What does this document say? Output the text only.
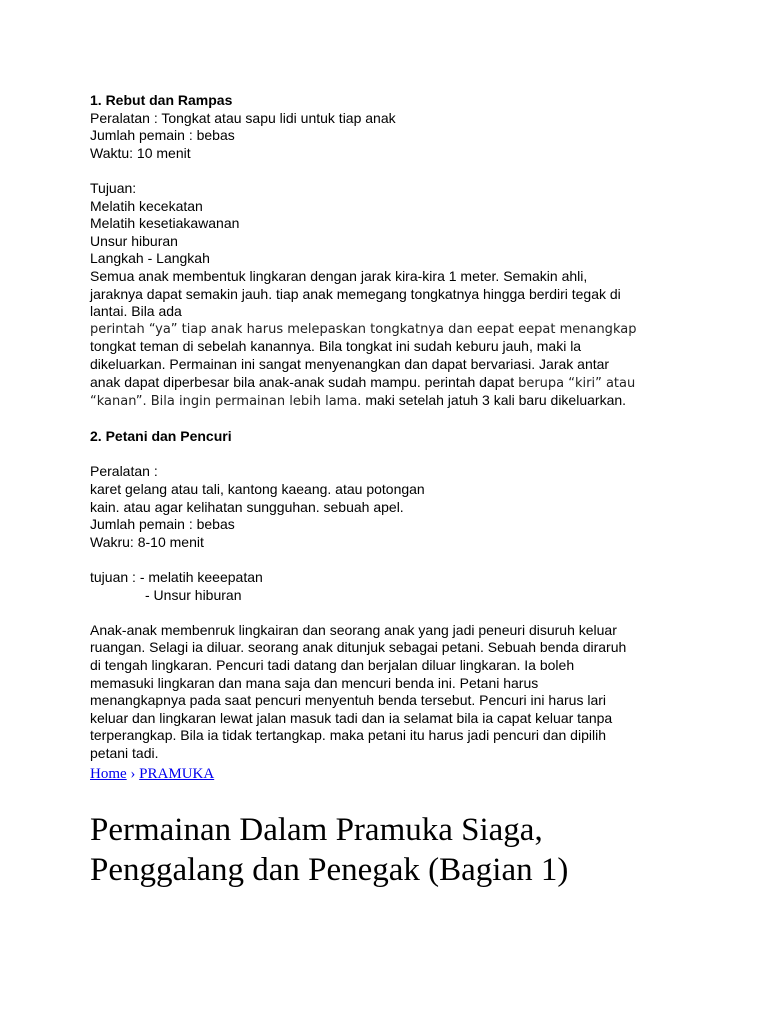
1. Rebut dan Rampas
Peralatan : Tongkat atau sapu lidi untuk tiap anak
Jumlah pemain : bebas
Waktu: 10 menit
Tujuan:
Melatih kecekatan
Melatih kesetiakawanan
Unsur hiburan
Langkah - Langkah
Semua anak membentuk lingkaran dengan jarak kira-kira 1 meter. Semakin ahli,
jaraknya dapat semakin jauh. tiap anak memegang tongkatnya hingga berdiri tegak di
lantai. Bila ada
perintah “ya” tiap anak harus melepaskan tongkatnya dan eepat eepat menangkap
tongkat teman di sebelah kanannya. Bila tongkat ini sudah keburu jauh, maki la
dikeluarkan. Permainan ini sangat menyenangkan dan dapat bervariasi. Jarak antar
anak dapat diperbesar bila anak-anak sudah mampu. perintah dapat berupa “kiri” atau
“kanan”. Bila ingin permainan lebih lama. maki setelah jatuh 3 kali baru dikeluarkan.
2. Petani dan Pencuri
Peralatan :
karet gelang atau tali, kantong kaeang. atau potongan
kain. atau agar kelihatan sungguhan. sebuah apel.
Jumlah pemain : bebas
Wakru: 8-10 menit
tujuan : - melatih keeepatan
- Unsur hiburan
Anak-anak membenruk lingkairan dan seorang anak yang jadi peneuri disuruh keluar
ruangan. Selagi ia diluar. seorang anak ditunjuk sebagai petani. Sebuah benda diraruh
di tengah lingkaran. Pencuri tadi datang dan berjalan diluar lingkaran. Ia boleh
memasuki lingkaran dan mana saja dan mencuri benda ini. Petani harus
menangkapnya pada saat pencuri menyentuh benda tersebut. Pencuri ini harus lari
keluar dan lingkaran lewat jalan masuk tadi dan ia selamat bila ia capat keluar tanpa
terperangkap. Bila ia tidak tertangkap. maka petani itu harus jadi pencuri dan dipilih
petani tadi.
Home › PRAMUKA
Permainan Dalam Pramuka Siaga,
Penggalang dan Penegak (Bagian 1)
